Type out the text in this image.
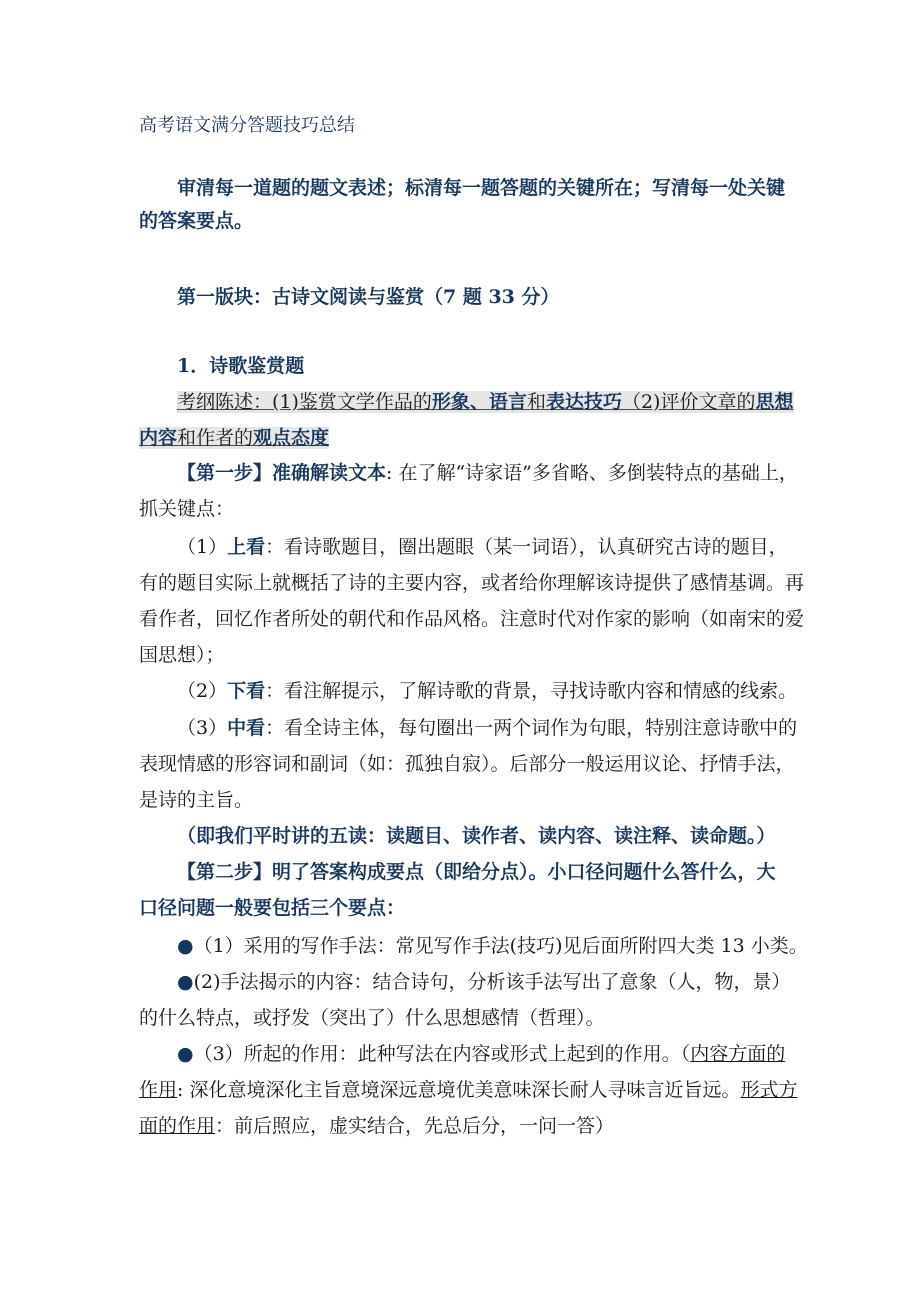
高考语文满分答题技巧总结
审清每一道题的题文表述；标清每一题答题的关键所在；写清每一处关键
的答案要点。
第一版块：古诗文阅读与鉴赏（7 题 33 分）
1．诗歌鉴赏题
考纲陈述：(1)鉴赏文学作品的形象、语言和表达技巧（2)评价文章的思想
内容和作者的观点态度
【第一步】准确解读文本: 在了解“诗家语”多省略、多倒装特点的基础上，
抓关键点：
（1）上看：看诗歌题目，圈出题眼（某一词语），认真研究古诗的题目，
有的题目实际上就概括了诗的主要内容，或者给你理解该诗提供了感情基调。再
看作者，回忆作者所处的朝代和作品风格。注意时代对作家的影响（如南宋的爱
国思想）；
（2）下看：看注解提示，了解诗歌的背景，寻找诗歌内容和情感的线索。
（3）中看：看全诗主体，每句圈出一两个词作为句眼，特别注意诗歌中的
表现情感的形容词和副词（如：孤独自寂）。后部分一般运用议论、抒情手法，
是诗的主旨。
（即我们平时讲的五读：读题目、读作者、读内容、读注释、读命题。）
【第二步】明了答案构成要点（即给分点）。小口径问题什么答什么，大
口径问题一般要包括三个要点：
●（1）采用的写作手法：常见写作手法(技巧)见后面所附四大类 13 小类。
●(2)手法揭示的内容：结合诗句，分析该手法写出了意象（人，物，景）
的什么特点，或抒发（突出了）什么思想感情（哲理）。
●（3）所起的作用：此种写法在内容或形式上起到的作用。（内容方面的
作用: 深化意境深化主旨意境深远意境优美意味深长耐人寻味言近旨远。形式方
面的作用：前后照应，虚实结合，先总后分，一问一答）
